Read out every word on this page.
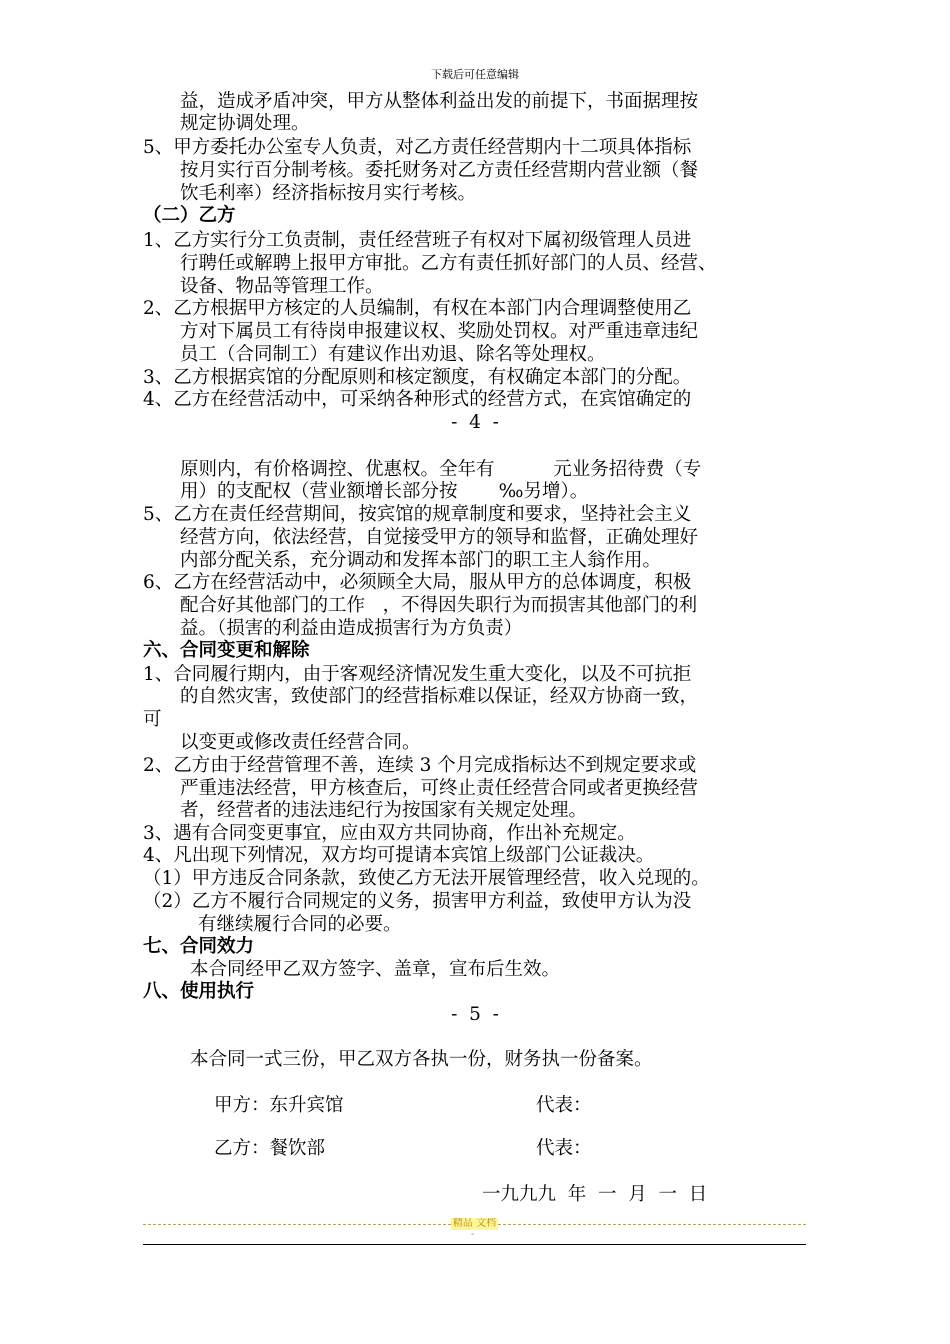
下载后可任意编辑
益，造成矛盾冲突，甲方从整体利益出发的前提下，书面据理按
规定协调处理。
5、甲方委托办公室专人负责，对乙方责任经营期内十二项具体指标
按月实行百分制考核。委托财务对乙方责任经营期内营业额（餐
饮毛利率）经济指标按月实行考核。
（二）乙方
1、乙方实行分工负责制，责任经营班子有权对下属初级管理人员进
行聘任或解聘上报甲方审批。乙方有责任抓好部门的人员、经营、
设备、物品等管理工作。
2、乙方根据甲方核定的人员编制，有权在本部门内合理调整使用乙
方对下属员工有待岗申报建议权、奖励处罚权。对严重违章违纪
员工（合同制工）有建议作出劝退、除名等处理权。
3、乙方根据宾馆的分配原则和核定额度，有权确定本部门的分配。
4、乙方在经营活动中，可采纳各种形式的经营方式，在宾馆确定的
原则内，有价格调控、优惠权。全年有          元业务招待费（专
用）的支配权（营业额增长部分按       ‰另增）。
5、乙方在责任经营期间，按宾馆的规章制度和要求，坚持社会主义
经营方向，依法经营，自觉接受甲方的领导和监督，正确处理好
内部分配关系，充分调动和发挥本部门的职工主人翁作用。
6、乙方在经营活动中，必须顾全大局，服从甲方的总体调度，积极
配合好其他部门的工作   ，不得因失职行为而损害其他部门的利
益。（损害的利益由造成损害行为方负责）
六、合同变更和解除
1、合同履行期内，由于客观经济情况发生重大变化，以及不可抗拒
的自然灾害，致使部门的经营指标难以保证，经双方协商一致，
可
以变更或修改责任经营合同。
2、乙方由于经营管理不善，连续 3 个月完成指标达不到规定要求或
严重违法经营，甲方核查后，可终止责任经营合同或者更换经营
者，经营者的违法违纪行为按国家有关规定处理。
3、遇有合同变更事宜，应由双方共同协商，作出补充规定。
4、凡出现下列情况，双方均可提请本宾馆上级部门公证裁决。
（1）甲方违反合同条款，致使乙方无法开展管理经营，收入兑现的。
（2）乙方不履行合同规定的义务，损害甲方利益，致使甲方认为没
有继续履行合同的必要。
七、合同效力
本合同经甲乙双方签字、盖章，宣布后生效。
八、使用执行
本合同一式三份，甲乙双方各执一份，财务执一份备案。
甲方：东升宾馆	代表：
乙方：餐饮部	代表：
一九九九  年  一  月  一  日
-  4  -
-  5  -
精品 文档
-
